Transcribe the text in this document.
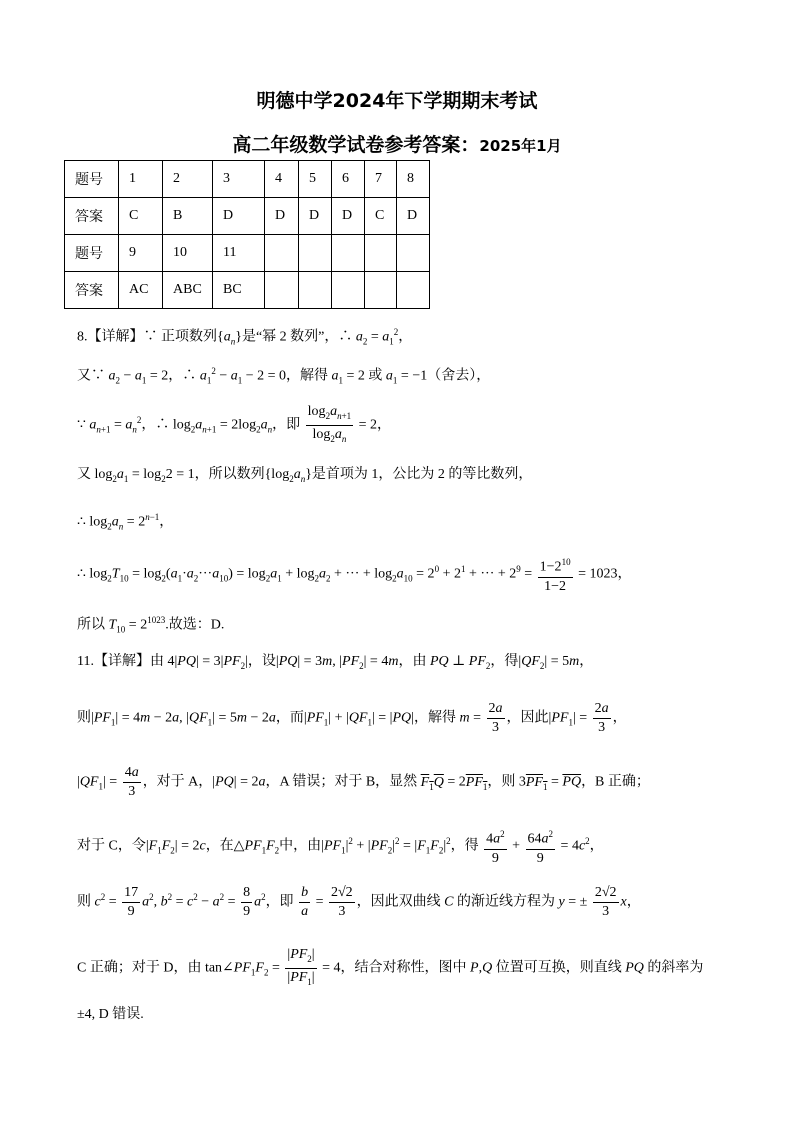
明德中学2024年下学期期末考试
高二年级数学试卷参考答案：2025年1月
题号	1	2	3	4	5	6	7	8
答案	C	B	D	D	D	D	C	D
题号	9	10	11					
答案	AC	ABC	BC					
8.【详解】∵ 正项数列$\{a_n\}$是“幂 2 数列”，∴ $a_2 = a_1^2$，
又∵ $a_2 - a_1 = 2$，∴ $a_1^2 - a_1 - 2 = 0$，解得 $a_1 = 2$ 或 $a_1 = -1$（舍去），
∵ $a_{n+1} = a_n^2$，∴ $\log_2a_{n+1} = 2\log_2a_n$，即 $\frac{\log_2a_{n+1}}{\log_2a_n} = 2$，
又 $\log_2a_1 = \log_22 = 1$，所以数列$\{\log_2a_n\}$是首项为 1，公比为 2 的等比数列，
∴ $\log_2a_n = 2^{n-1}$，
∴ $\log_2T_{10} = \log_2(a_1\cdot a_2\cdot\cdot\cdot a_{10}) = \log_2a_1 + \log_2a_2$ + ··· + $\log_2a_{10} = 2^0 + 2^1$ + ··· + $2^9 = \frac{1-2^{10}}{1-2} = 1023$，
所以 $T_{10} = 2^{1023}$.故选：D.
11.【详解】由 $4|PQ| = 3|PF_2|$，设|PQ| = 3m, $|PF_2| = 4m$，由 PQ ⊥ $PF_2$，得$|QF_2| = 5m$，
则$|PF_1| = 4m - 2a$, $|QF_1| = 5m - 2a$，而$|PF_1| + |QF_1| = |PQ|$，解得 $m = \frac{2a}{3}$ ，因此$|PF_1| = \frac{2a}{3}$ ，
$|QF_1| = \frac{4a}{3}$ ，对于 A，|PQ| = 2a，A 错误；对于 B，显然 $F_1Q = 2PF_1$，则 $3PF_1 = \overline{PQ}$，B 正确；
对于 C，令$|F_1F_2| = 2c$，在$\triangle PF_1F_2$中，由$|PF_1|^2 + |PF_2|^2 = |F_1F_2|^2$，得 $\frac{4a^2}{9} + \frac{64a^2}{9} = 4c^2$，
则 $c^2 = \frac{17}{9} a^2$, $b^2 = c^2 - a^2 = \frac{8}{9} a^2$，即 $\frac{b}{a} = \frac{2√2}{3}$ ，因此双曲线 C 的渐近线方程为 y = ± $\frac{2√2}{3}$ x，
C 正确；对于 D，由 $\tan\angle PF_1F_2 = \frac{|PF_2|}{|PF_1|} = 4$，结合对称性，图中 P,Q 位置可互换，则直线 PQ 的斜率为
±4, D 错误.
